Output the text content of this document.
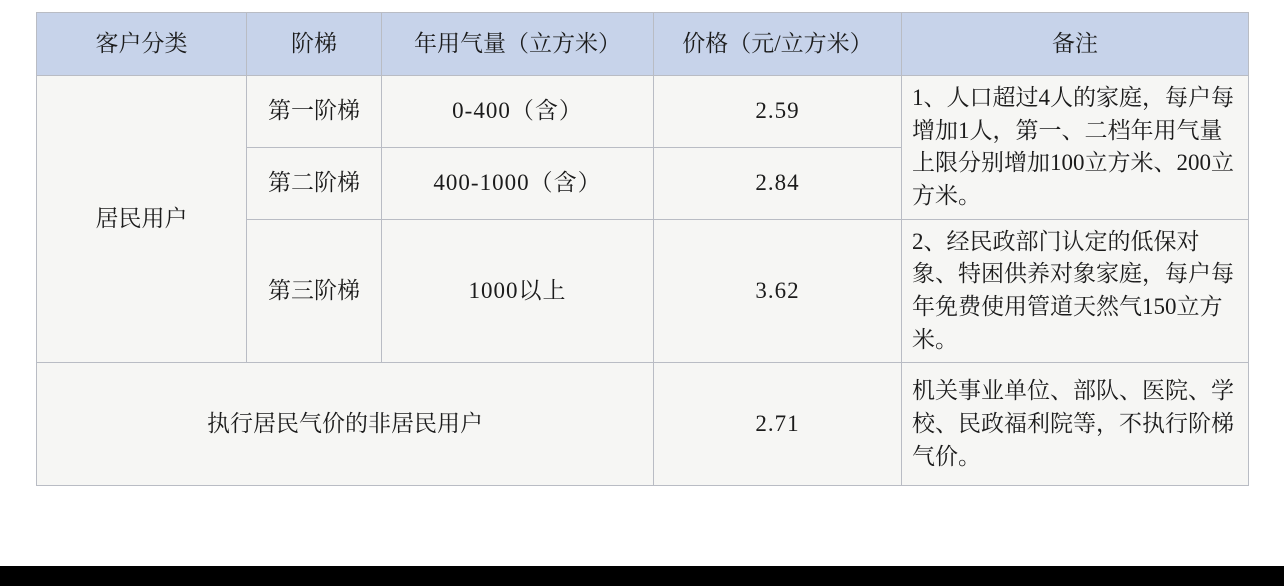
客户分类	阶梯	年用气量（立方米）	价格（元/立方米）	备注
居民用户	第一阶梯	0-400（含）	2.59	1、人口超过4人的家庭，每户每增加1人，第一、二档年用气量上限分别增加100立方米、200立方米。
	第二阶梯	400-1000（含）	2.84	
	第三阶梯	1000以上	3.62	2、经民政部门认定的低保对象、特困供养对象家庭，每户每年免费使用管道天然气150立方米。
执行居民气价的非居民用户			2.71	机关事业单位、部队、医院、学校、民政福利院等，不执行阶梯气价。
